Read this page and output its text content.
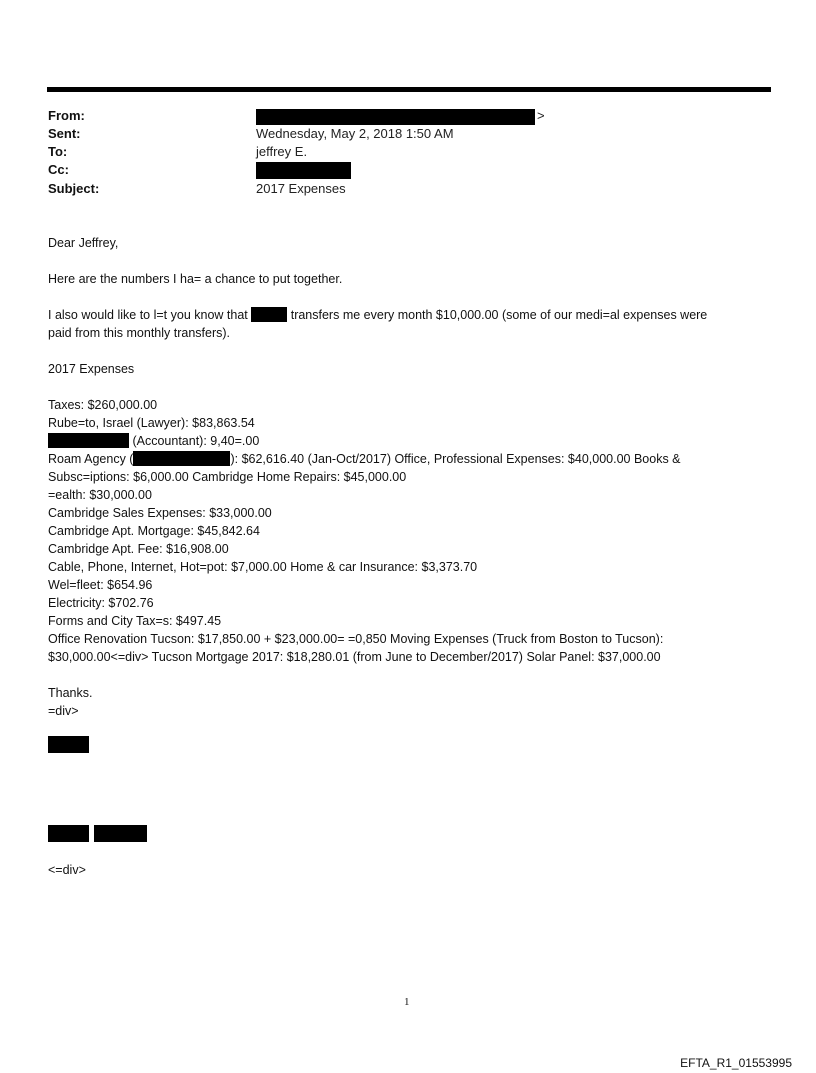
From:	>
Sent:	Wednesday, May 2, 2018 1:50 AM
To:	jeffrey E.
Cc:
Subject:	2017 Expenses
Dear Jeffrey,
Here are the numbers I ha= a chance to put together.
I also would like to l=t you know that	transfers me every month $10,000.00 (some of our medi=al expenses were
paid from this monthly transfers).
2017 Expenses
Taxes: $260,000.00
Rube=to, Israel (Lawyer): $83,863.54
(Accountant): 9,40=.00
Roam Agency (	): $62,616.40 (Jan-Oct/2017) Office, Professional Expenses: $40,000.00 Books &
Subsc=iptions: $6,000.00 Cambridge Home Repairs: $45,000.00
=ealth: $30,000.00
Cambridge Sales Expenses: $33,000.00
Cambridge Apt. Mortgage: $45,842.64
Cambridge Apt. Fee: $16,908.00
Cable, Phone, Internet, Hot=pot: $7,000.00 Home & car Insurance: $3,373.70
Wel=fleet: $654.96
Electricity: $702.76
Forms and City Tax=s: $497.45
Office Renovation Tucson: $17,850.00 + $23,000.00= =0,850 Moving Expenses (Truck from Boston to Tucson):
$30,000.00<=div> Tucson Mortgage 2017: $18,280.01 (from June to December/2017) Solar Panel: $37,000.00
Thanks.
=div>
<=div>
1
EFTA_R1_01553995
